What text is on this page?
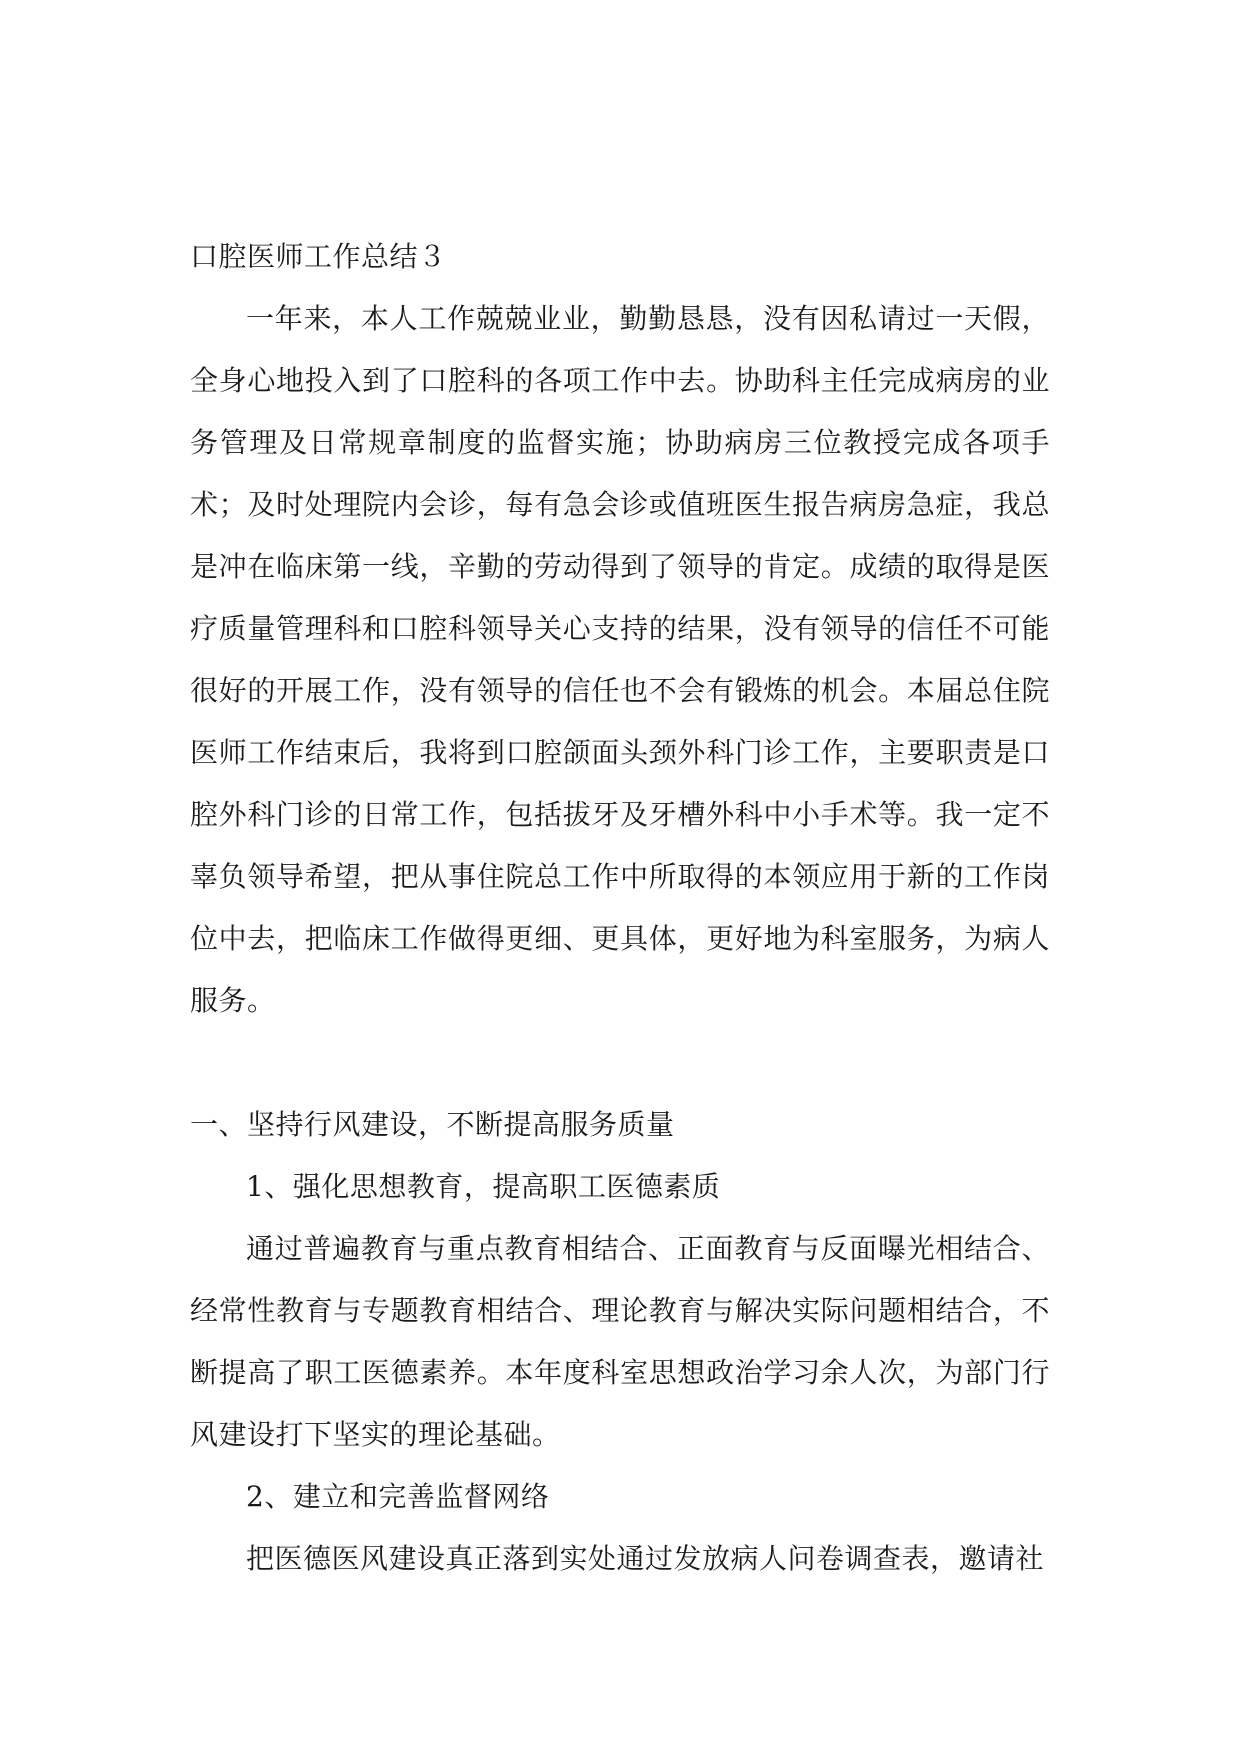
口腔医师工作总结３

一年来，本人工作兢兢业业，勤勤恳恳，没有因私请过一天假，全身心地投入到了口腔科的各项工作中去。协助科主任完成病房的业务管理及日常规章制度的监督实施；协助病房三位教授完成各项手术；及时处理院内会诊，每有急会诊或值班医生报告病房急症，我总是冲在临床第一线，辛勤的劳动得到了领导的肯定。成绩的取得是医疗质量管理科和口腔科领导关心支持的结果，没有领导的信任不可能很好的开展工作，没有领导的信任也不会有锻炼的机会。本届总住院医师工作结束后，我将到口腔颌面头颈外科门诊工作，主要职责是口腔外科门诊的日常工作，包括拔牙及牙槽外科中小手术等。我一定不辜负领导希望，把从事住院总工作中所取得的本领应用于新的工作岗位中去，把临床工作做得更细、更具体，更好地为科室服务，为病人服务。

一、坚持行风建设，不断提高服务质量
1、强化思想教育，提高职工医德素质

通过普遍教育与重点教育相结合、正面教育与反面曝光相结合、经常性教育与专题教育相结合、理论教育与解决实际问题相结合，不断提高了职工医德素养。本年度科室思想政治学习余人次，为部门行风建设打下坚实的理论基础。

2、建立和完善监督网络

把医德医风建设真正落到实处通过发放病人问卷调查表，邀请社
